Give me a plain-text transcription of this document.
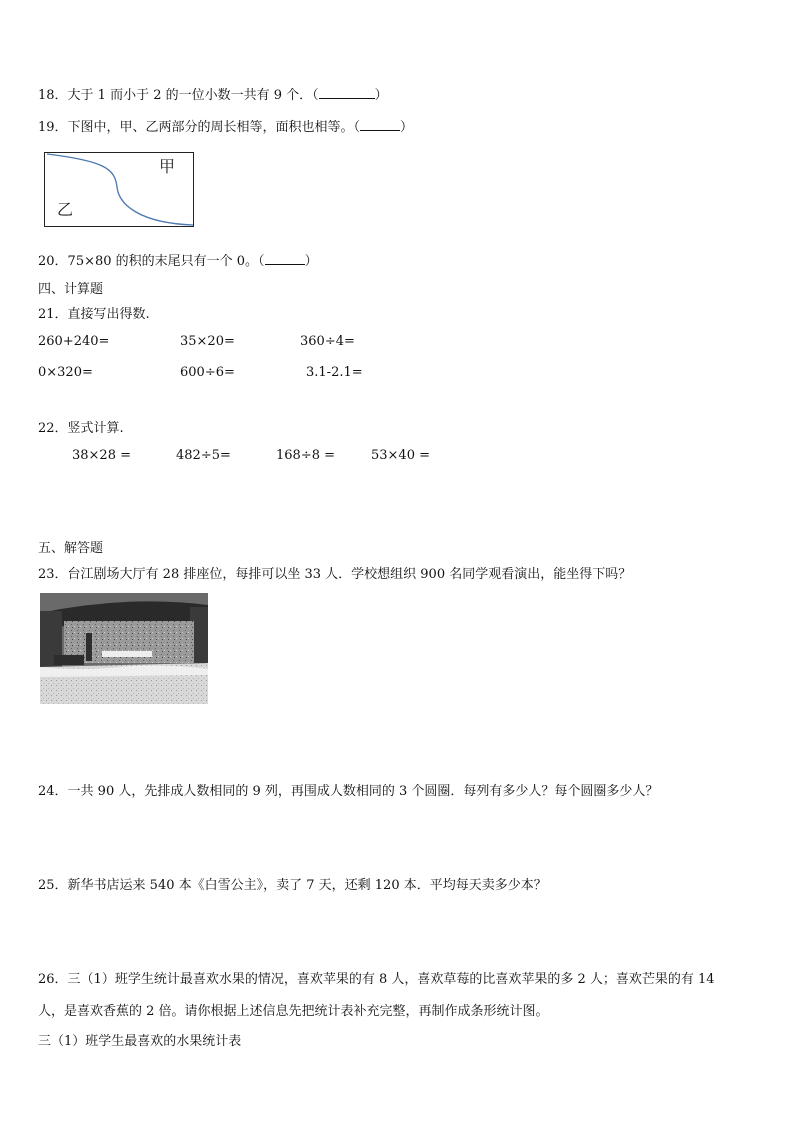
18．大于 1 而小于 2 的一位小数一共有 9 个．（	）
19．下图中，甲、乙两部分的周长相等，面积也相等。（	）
甲
乙
20．75×80 的积的末尾只有一个 0。（	）
四、计算题
21．直接写出得数.
260+240=	35×20=	360÷4=
0×320=	600÷6=	3.1-2.1=
22．竖式计算.
38×28 =	482÷5=	168÷8 =	53×40 =
五、解答题
23．台江剧场大厅有 28 排座位，每排可以坐 33 人．学校想组织 900 名同学观看演出，能坐得下吗？
24．一共 90 人，先排成人数相同的 9 列，再围成人数相同的 3 个圆圈．每列有多少人？每个圆圈多少人？
25．新华书店运来 540 本《白雪公主》，卖了 7 天，还剩 120 本．平均每天卖多少本？
26．三（1）班学生统计最喜欢水果的情况，喜欢苹果的有 8 人，喜欢草莓的比喜欢苹果的多 2 人；喜欢芒果的有 14
人，是喜欢香蕉的 2 倍。请你根据上述信息先把统计表补充完整，再制作成条形统计图。
三（1）班学生最喜欢的水果统计表
